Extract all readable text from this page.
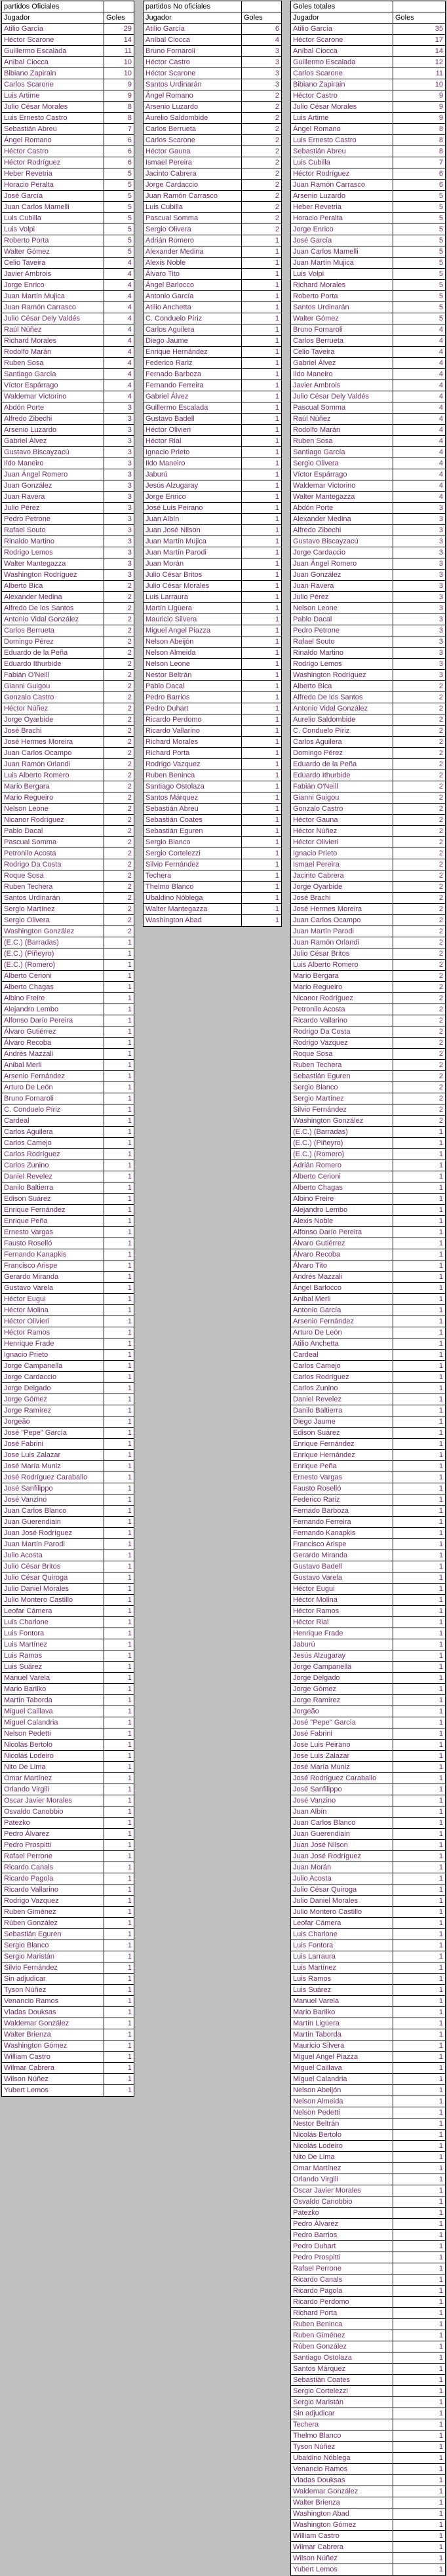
partidos Oficiales
Jugador	Goles
Atilio García	29
Héctor Scarone	14
Guillermo Escalada	11
Aníbal Ciocca	10
Bibiano Zapirain	10
Carlos Scarone	9
Luis Artime	9
Julio César Morales	8
Luis Ernesto Castro	8
Sebastián Abreu	7
Ángel Romano	6
Héctor Castro	6
Héctor Rodríguez	6
Heber Revetria	5
Horacio Peralta	5
José García	5
Juan Carlos Mamelli	5
Luis Cubilla	5
Luis Volpi	5
Roberto Porta	5
Walter Gómez	5
Celio Taveira	4
Javier Ambrois	4
Jorge Enrico	4
Juan Martín Mujica	4
Juan Ramón Carrasco	4
Julio César Dely Valdés	4
Raúl Núñez	4
Richard Morales	4
Rodolfo Marán	4
Ruben Sosa	4
Santiago García	4
Víctor Espárrago	4
Waldemar Victorino	4
Abdón Porte	3
Alfredo Zibechi	3
Arsenio Luzardo	3
Gabriel Álvez	3
Gustavo Biscayzacú	3
Ildo Maneiro	3
Juan Ángel Romero	3
Juan González	3
Juan Ravera	3
Julio Pérez	3
Pedro Petrone	3
Rafael Souto	3
Rinaldo Martino	3
Rodrigo Lemos	3
Walter Mantegazza	3
Washington Rodríguez	3
Alberto Bica	2
Alexander Medina	2
Alfredo De los Santos	2
Antonio Vidal González	2
Carlos Berrueta	2
Domingo Pérez	2
Eduardo de la Peña	2
Eduardo Ithurbide	2
Fabián O'Neill	2
Gianni Guigou	2
Gonzalo Castro	2
Héctor Núñez	2
Jorge Oyarbide	2
José Brachi	2
José Hermes Moreira	2
Juan Carlos Ocampo	2
Juan Ramón Orlandi	2
Luis Alberto Romero	2
Mario Bergara	2
Mario Regueiro	2
Nelson Leone	2
Nicanor Rodríguez	2
Pablo Dacal	2
Pascual Somma	2
Petronilo Acosta	2
Rodrigo Da Costa	2
Roque Sosa	2
Ruben Techera	2
Santos Urdinarán	2
Sergio Martínez	2
Sergio Olivera	2
Washington González	2
(E.C.) (Barradas)	1
(E.C.) (Piñeyro)	1
(E.C.) (Romero)	1
Alberto Cerioni	1
Alberto Chagas	1
Albino Freire	1
Alejandro Lembo	1
Alfonso Darío Pereira	1
Álvaro Gutiérrez	1
Álvaro Recoba	1
Andrés Mazzali	1
Anibal Merli	1
Arsenio Fernández	1
Arturo De León	1
Bruno Fornaroli	1
C. Conduelo Píriz	1
Cardeal	1
Carlos Aguilera	1
Carlos Camejo	1
Carlos Rodríguez	1
Carlos Zunino	1
Daniel Revelez	1
Danilo Baltierra	1
Edison Suárez	1
Enrique Fernández	1
Enrique Peña	1
Ernesto Vargas	1
Fausto Roselló	1
Fernando Kanapkis	1
Francisco Arispe	1
Gerardo Miranda	1
Gustavo Varela	1
Héctor Eugui	1
Héctor Molina	1
Héctor Olivieri	1
Héctor Ramos	1
Henrique Frade	1
Ignacio Prieto	1
Jorge Campanella	1
Jorge Cardaccio	1
Jorge Delgado	1
Jorge Gómez	1
Jorge Ramírez	1
Jorgeão	1
José "Pepe" García	1
José Fabrini	1
Jose Luis Zalazar	1
José María Muniz	1
José Rodríguez Caraballo	1
José Sanfilippo	1
José Vanzino	1
Juan Carlos Blanco	1
Juan Guerendiain	1
Juan José Rodríguez	1
Juan Martín Parodi	1
Julio Acosta	1
Julio César Britos	1
Julio César Quiroga	1
Julio Daniel Morales	1
Julio Montero Castillo	1
Leofar Cámera	1
Luis Charlone	1
Luis Fontora	1
Luis Martínez	1
Luis Ramos	1
Luis Suárez	1
Manuel Varela	1
Mario Barilko	1
Martín Taborda	1
Miguel Caillava	1
Miguel Calandria	1
Nelson Pedetti	1
Nicolás Bertolo	1
Nicolás Lodeiro	1
Nito De Lima	1
Omar Martínez	1
Orlando Virgili	1
Oscar Javier Morales	1
Osvaldo Canobbio	1
Patezko	1
Pedro Álvarez	1
Pedro Prospitti	1
Rafael Perrone	1
Ricardo Canals	1
Ricardo Pagola	1
Ricardo Vallarino	1
Rodrigo Vazquez	1
Ruben Giménez	1
Rúben González	1
Sebastián Eguren	1
Sergio Blanco	1
Sergio Maristán	1
Silvio Fernández	1
Sin adjudicar	1
Tyson Núñez	1
Venancio Ramos	1
Vladas Douksas	1
Waldemar González	1
Walter Brienza	1
Washington Gómez	1
William Castro	1
Wilmar Cabrera	1
Wilson Núñez	1
Yubert Lemos	1
partidos No oficiales
Jugador	Goles
Atilio García	6
Aníbal Ciocca	4
Bruno Fornaroli	3
Héctor Castro	3
Héctor Scarone	3
Santos Urdinarán	3
Ángel Romano	2
Arsenio Luzardo	2
Aurelio Saldombide	2
Carlos Berrueta	2
Carlos Scarone	2
Héctor Gauna	2
Ismael Pereira	2
Jacinto Cabrera	2
Jorge Cardaccio	2
Juan Ramón Carrasco	2
Luis Cubilla	2
Pascual Somma	2
Sergio Olivera	2
Adrián Romero	1
Alexander Medina	1
Alexis Noble	1
Álvaro Tito	1
Ángel Barlocco	1
Antonio García	1
Atilio Anchetta	1
C. Conduelo Píriz	1
Carlos Aguilera	1
Diego Jaume	1
Enrique Hernández	1
Federico Rariz	1
Fernado Barboza	1
Fernando Ferreira	1
Gabriel Álvez	1
Guillermo Escalada	1
Gustavo Badell	1
Héctor Olivieri	1
Héctor Rial	1
Ignacio Prieto	1
Ildo Maneiro	1
Jaburú	1
Jesús Alzugaray	1
Jorge Enrico	1
José Luis Peirano	1
Juan Albín	1
Juan José Nilson	1
Juan Martín Mujica	1
Juan Martín Parodi	1
Juan Morán	1
Julio César Britos	1
Julio César Morales	1
Luis Larraura	1
Martín Ligüera	1
Mauricio Silvera	1
Miguel Angel Piazza	1
Nelson Abeijón	1
Nelson Almeida	1
Nelson Leone	1
Nestor Beltrán	1
Pablo Dacal	1
Pedro Barrios	1
Pedro Duhart	1
Ricardo Perdomo	1
Ricardo Vallarino	1
Richard Morales	1
Richard Porta	1
Rodrigo Vazquez	1
Ruben Beninca	1
Santiago Ostolaza	1
Santos Márquez	1
Sebastián Abreu	1
Sebastián Coates	1
Sebastián Eguren	1
Sergio Blanco	1
Sergio Cortelezzi	1
Silvio Fernández	1
Techera	1
Thelmo Blanco	1
Ubaldino Nóblega	1
Walter Mantegazza	1
Washington Abad	1
Goles totales
Jugador	Goles
Atilio García	35
Héctor Scarone	17
Aníbal Ciocca	14
Guillermo Escalada	12
Carlos Scarone	11
Bibiano Zapirain	10
Héctor Castro	9
Julio César Morales	9
Luis Artime	9
Ángel Romano	8
Luis Ernesto Castro	8
Sebastián Abreu	8
Luis Cubilla	7
Héctor Rodríguez	6
Juan Ramón Carrasco	6
Arsenio Luzardo	5
Heber Revetria	5
Horacio Peralta	5
Jorge Enrico	5
José García	5
Juan Carlos Mamelli	5
Juan Martín Mujica	5
Luis Volpi	5
Richard Morales	5
Roberto Porta	5
Santos Urdinarán	5
Walter Gómez	5
Bruno Fornaroli	4
Carlos Berrueta	4
Celio Taveira	4
Gabriel Álvez	4
Ildo Maneiro	4
Javier Ambrois	4
Julio César Dely Valdés	4
Pascual Somma	4
Raúl Núñez	4
Rodolfo Marán	4
Ruben Sosa	4
Santiago García	4
Sergio Olivera	4
Víctor Espárrago	4
Waldemar Victorino	4
Walter Mantegazza	4
Abdón Porte	3
Alexander Medina	3
Alfredo Zibechi	3
Gustavo Biscayzacú	3
Jorge Cardaccio	3
Juan Ángel Romero	3
Juan González	3
Juan Ravera	3
Julio Pérez	3
Nelson Leone	3
Pablo Dacal	3
Pedro Petrone	3
Rafael Souto	3
Rinaldo Martino	3
Rodrigo Lemos	3
Washington Rodríguez	3
Alberto Bica	2
Alfredo De los Santos	2
Antonio Vidal González	2
Aurelio Saldombide	2
C. Conduelo Píriz	2
Carlos Aguilera	2
Domingo Pérez	2
Eduardo de la Peña	2
Eduardo Ithurbide	2
Fabián O'Neill	2
Gianni Guigou	2
Gonzalo Castro	2
Héctor Gauna	2
Héctor Núñez	2
Héctor Olivieri	2
Ignacio Prieto	2
Ismael Pereira	2
Jacinto Cabrera	2
Jorge Oyarbide	2
José Brachi	2
José Hermes Moreira	2
Juan Carlos Ocampo	2
Juan Martín Parodi	2
Juan Ramón Orlandi	2
Julio César Britos	2
Luis Alberto Romero	2
Mario Bergara	2
Mario Regueiro	2
Nicanor Rodríguez	2
Petronilo Acosta	2
Ricardo Vallarino	2
Rodrigo Da Costa	2
Rodrigo Vazquez	2
Roque Sosa	2
Ruben Techera	2
Sebastián Eguren	2
Sergio Blanco	2
Sergio Martínez	2
Silvio Fernández	2
Washington González	2
(E.C.) (Barradas)	1
(E.C.) (Piñeyro)	1
(E.C.) (Romero)	1
Adrián Romero	1
Alberto Cerioni	1
Alberto Chagas	1
Albino Freire	1
Alejandro Lembo	1
Alexis Noble	1
Alfonso Darío Pereira	1
Álvaro Gutiérrez	1
Álvaro Recoba	1
Álvaro Tito	1
Andrés Mazzali	1
Ángel Barlocco	1
Anibal Merli	1
Antonio García	1
Arsenio Fernández	1
Arturo De León	1
Atilio Anchetta	1
Cardeal	1
Carlos Camejo	1
Carlos Rodríguez	1
Carlos Zunino	1
Daniel Revelez	1
Danilo Baltierra	1
Diego Jaume	1
Edison Suárez	1
Enrique Fernández	1
Enrique Hernández	1
Enrique Peña	1
Ernesto Vargas	1
Fausto Roselló	1
Federico Rariz	1
Fernado Barboza	1
Fernando Ferreira	1
Fernando Kanapkis	1
Francisco Arispe	1
Gerardo Miranda	1
Gustavo Badell	1
Gustavo Varela	1
Héctor Eugui	1
Héctor Molina	1
Héctor Ramos	1
Héctor Rial	1
Henrique Frade	1
Jaburú	1
Jesús Alzugaray	1
Jorge Campanella	1
Jorge Delgado	1
Jorge Gómez	1
Jorge Ramírez	1
Jorgeão	1
José "Pepe" García	1
José Fabrini	1
Jose Luis Peirano	1
Jose Luis Zalazar	1
José María Muniz	1
José Rodríguez Caraballo	1
José Sanfilippo	1
José Vanzino	1
Juan Albín	1
Juan Carlos Blanco	1
Juan Guerendiain	1
Juan José Nilson	1
Juan José Rodríguez	1
Juan Morán	1
Julio Acosta	1
Julio César Quiroga	1
Julio Daniel Morales	1
Julio Montero Castillo	1
Leofar Cámera	1
Luis Charlone	1
Luis Fontora	1
Luis Larraura	1
Luis Martínez	1
Luis Ramos	1
Luis Suárez	1
Manuel Varela	1
Mario Barilko	1
Martín Ligüera	1
Martín Taborda	1
Mauricio Silvera	1
Miguel Angel Piazza	1
Miguel Caillava	1
Miguel Calandria	1
Nelson Abeijón	1
Nelson Almeida	1
Nelson Pedetti	1
Nestor Beltrán	1
Nicolás Bertolo	1
Nicolás Lodeiro	1
Nito De Lima	1
Omar Martínez	1
Orlando Virgili	1
Oscar Javier Morales	1
Osvaldo Canobbio	1
Patezko	1
Pedro Álvarez	1
Pedro Barrios	1
Pedro Duhart	1
Pedro Prospitti	1
Rafael Perrone	1
Ricardo Canals	1
Ricardo Pagola	1
Ricardo Perdomo	1
Richard Porta	1
Ruben Beninca	1
Ruben Giménez	1
Rúben González	1
Santiago Ostolaza	1
Santos Márquez	1
Sebastián Coates	1
Sergio Cortelezzi	1
Sergio Maristán	1
Sin adjudicar	1
Techera	1
Thelmo Blanco	1
Tyson Núñez	1
Ubaldino Nóblega	1
Venancio Ramos	1
Vladas Douksas	1
Waldemar González	1
Walter Brienza	1
Washington Abad	1
Washington Gómez	1
William Castro	1
Wilmar Cabrera	1
Wilson Núñez	1
Yubert Lemos	1
